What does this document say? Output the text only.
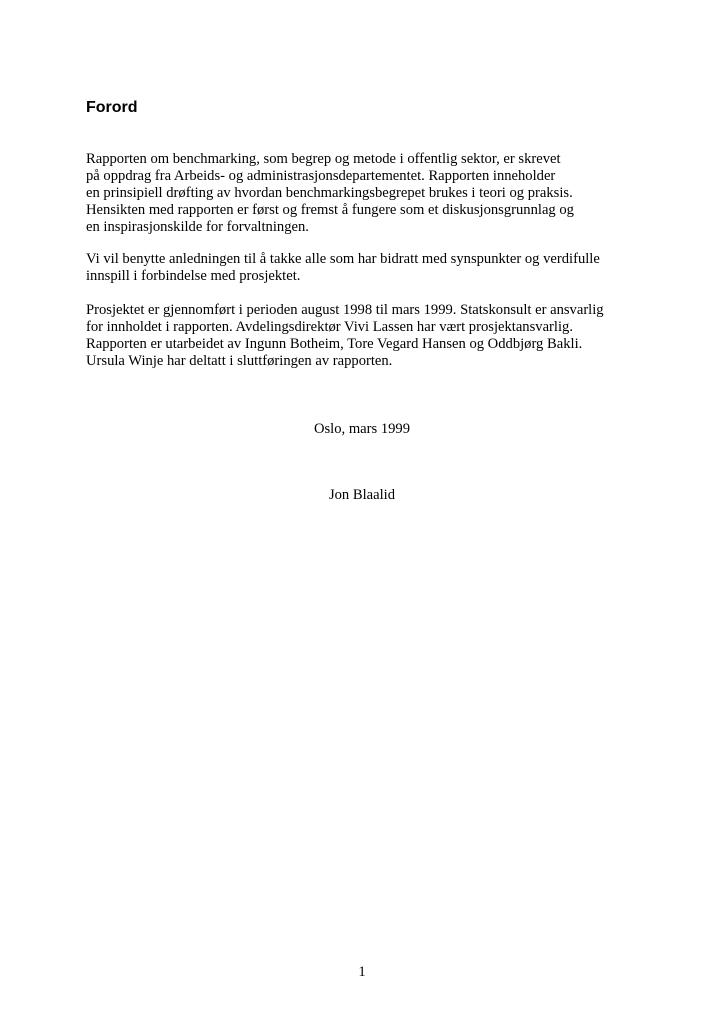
Forord

Rapporten om benchmarking, som begrep og metode i offentlig sektor, er skrevet
på oppdrag fra Arbeids- og administrasjonsdepartementet. Rapporten inneholder
en prinsipiell drøfting av hvordan benchmarkingsbegrepet brukes i teori og praksis.
Hensikten med rapporten er først og fremst å fungere som et diskusjonsgrunnlag og
en inspirasjonskilde for forvaltningen.

Vi vil benytte anledningen til å takke alle som har bidratt med synspunkter og verdifulle
innspill i forbindelse med prosjektet.

Prosjektet er gjennomført i perioden august 1998 til mars 1999. Statskonsult er ansvarlig
for innholdet i rapporten. Avdelingsdirektør Vivi Lassen har vært prosjektansvarlig.
Rapporten er utarbeidet av Ingunn Botheim, Tore Vegard Hansen og Oddbjørg Bakli.
Ursula Winje har deltatt i sluttføringen av rapporten.

Oslo, mars 1999

Jon Blaalid

1
